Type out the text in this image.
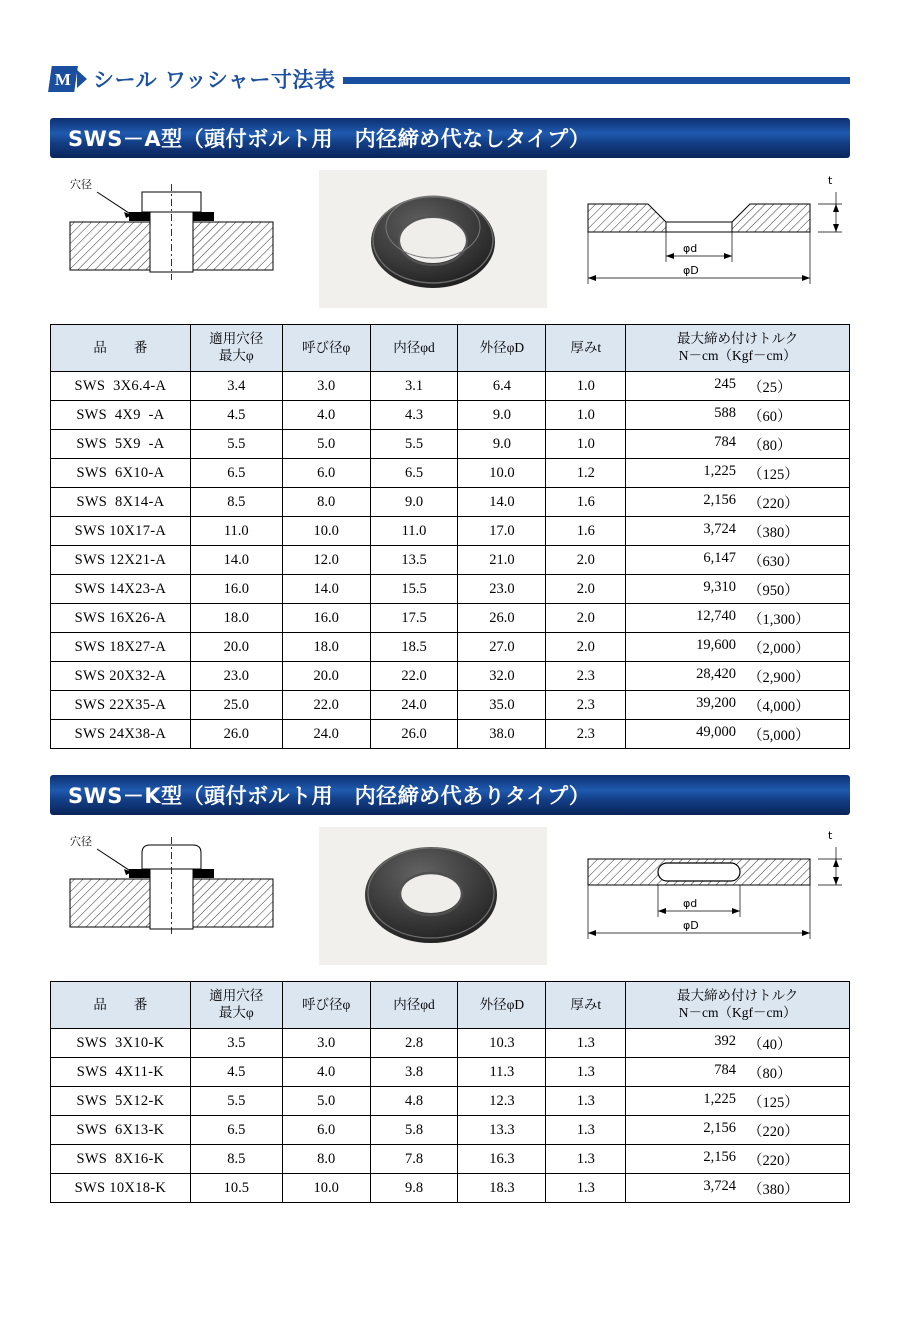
M シール ワッシャー寸法表
SWS－A型（頭付ボルト用　内径締め代なしタイプ）
穴径	t
φd
φD
品　　番	適用穴径
最大φ	呼び径φ	内径φd	外径φD	厚みt	最大締め付けトルク
N－cm（Kgf－cm）

SWS  3X6.4-A	3.4	3.0	3.1	6.4	1.0	245 （25）

SWS  4X9  -A	4.5	4.0	4.3	9.0	1.0	588 （60）

SWS  5X9  -A	5.5	5.0	5.5	9.0	1.0	784 （80）

SWS  6X10-A	6.5	6.0	6.5	10.0	1.2	1,225 （125）

SWS  8X14-A	8.5	8.0	9.0	14.0	1.6	2,156 （220）

SWS 10X17-A	11.0	10.0	11.0	17.0	1.6	3,724 （380）

SWS 12X21-A	14.0	12.0	13.5	21.0	2.0	6,147 （630）

SWS 14X23-A	16.0	14.0	15.5	23.0	2.0	9,310 （950）

SWS 16X26-A	18.0	16.0	17.5	26.0	2.0	12,740 （1,300）

SWS 18X27-A	20.0	18.0	18.5	27.0	2.0	19,600 （2,000）

SWS 20X32-A	23.0	20.0	22.0	32.0	2.3	28,420 （2,900）

SWS 22X35-A	25.0	22.0	24.0	35.0	2.3	39,200 （4,000）

SWS 24X38-A	26.0	24.0	26.0	38.0	2.3	49,000 （5,000）
SWS－K型（頭付ボルト用　内径締め代ありタイプ）
穴径	t
φd
φD
品　　番	適用穴径
最大φ	呼び径φ	内径φd	外径φD	厚みt	最大締め付けトルク
N－cm（Kgf－cm）

SWS  3X10-K	3.5	3.0	2.8	10.3	1.3	392 （40）

SWS  4X11-K	4.5	4.0	3.8	11.3	1.3	784 （80）

SWS  5X12-K	5.5	5.0	4.8	12.3	1.3	1,225 （125）

SWS  6X13-K	6.5	6.0	5.8	13.3	1.3	2,156 （220）

SWS  8X16-K	8.5	8.0	7.8	16.3	1.3	2,156 （220）

SWS 10X18-K	10.5	10.0	9.8	18.3	1.3	3,724 （380）
